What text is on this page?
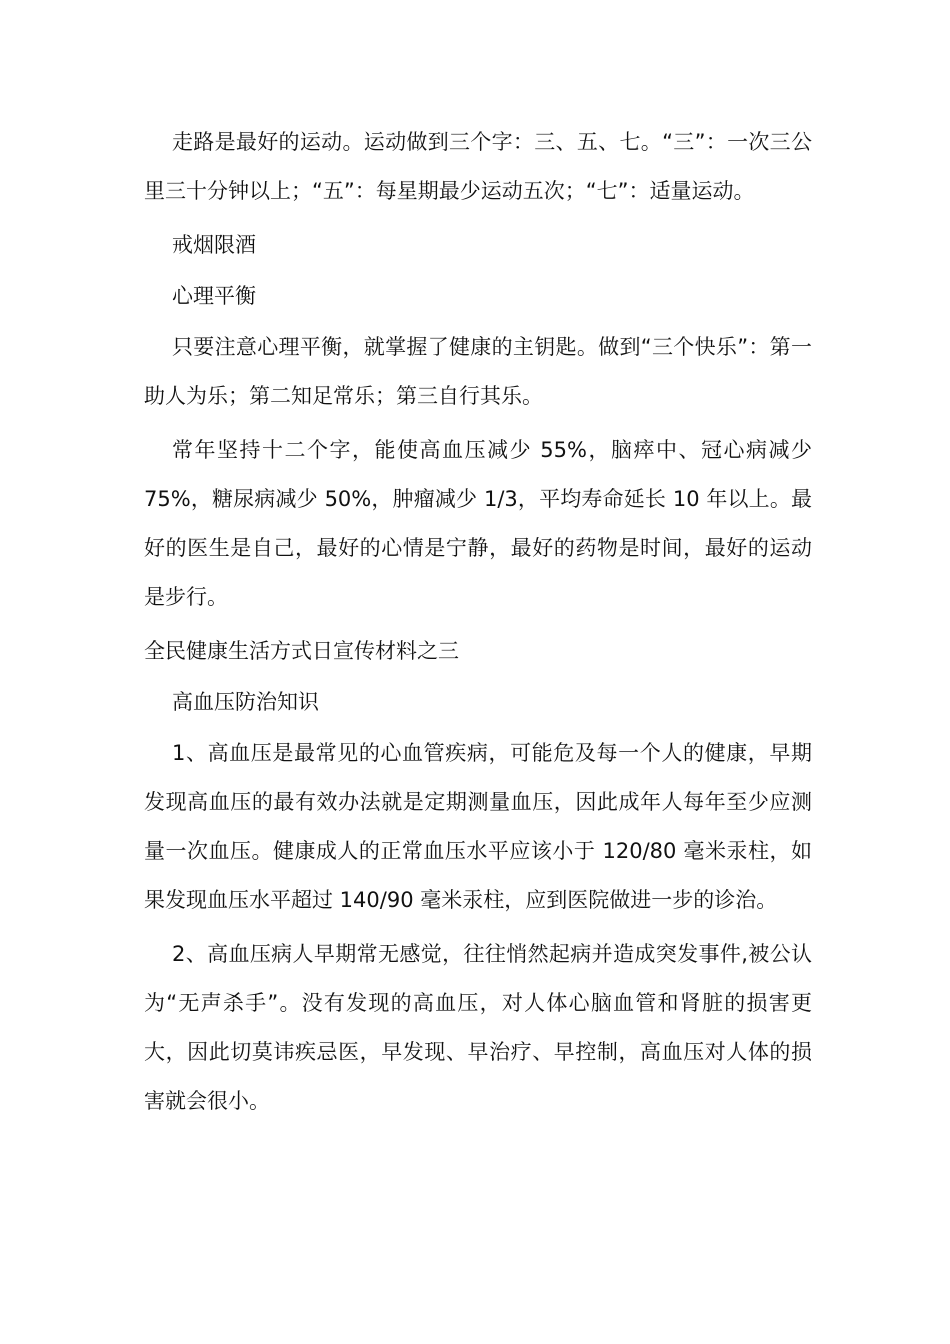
走路是最好的运动。运动做到三个字：三、五、七。“三”：一次三公里三十分钟以上；“五”：每星期最少运动五次；“七”：适量运动。

戒烟限酒

心理平衡

只要注意心理平衡，就掌握了健康的主钥匙。做到“三个快乐”：第一助人为乐；第二知足常乐；第三自行其乐。

常年坚持十二个字，能使高血压减少 55%，脑瘁中、冠心病减少 75%，糖尿病减少 50%，肿瘤减少 1/3，平均寿命延长 10 年以上。最好的医生是自己，最好的心情是宁静，最好的药物是时间，最好的运动是步行。

全民健康生活方式日宣传材料之三

高血压防治知识

1、高血压是最常见的心血管疾病，可能危及每一个人的健康，早期发现高血压的最有效办法就是定期测量血压，因此成年人每年至少应测量一次血压。健康成人的正常血压水平应该小于 120/80 毫米汞柱，如果发现血压水平超过 140/90 毫米汞柱，应到医院做进一步的诊治。

2、高血压病人早期常无感觉，往往悄然起病并造成突发事件,被公认为“无声杀手”。没有发现的高血压，对人体心脑血管和肾脏的损害更大，因此切莫讳疾忌医，早发现、早治疗、早控制，高血压对人体的损害就会很小。
